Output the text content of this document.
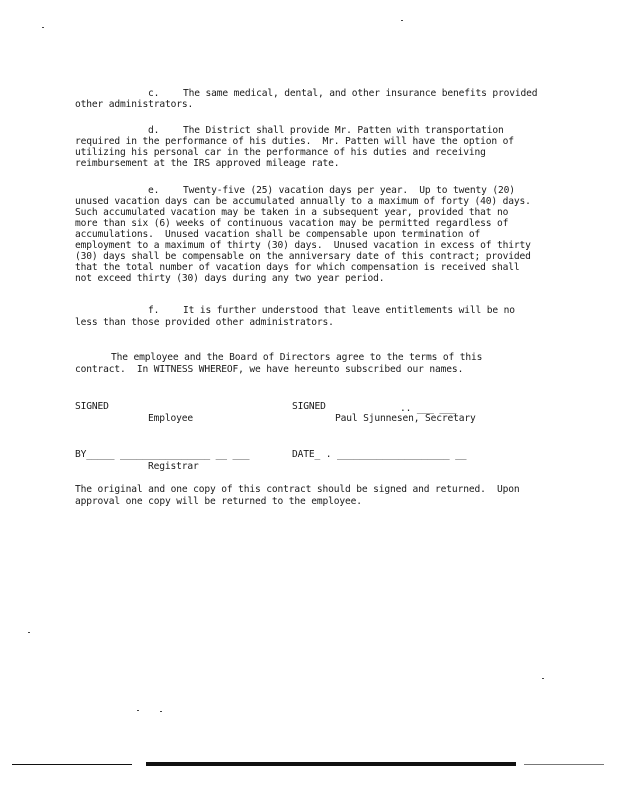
c. The same medical, dental, and other insurance benefits provided
other administrators.
d. The District shall provide Mr. Patten with transportation
required in the performance of his duties.  Mr. Patten will have the option of
utilizing his personal car in the performance of his duties and receiving
reimbursement at the IRS approved mileage rate.
e. Twenty-five (25) vacation days per year.  Up to twenty (20)
unused vacation days can be accumulated annually to a maximum of forty (40) days.
Such accumulated vacation may be taken in a subsequent year, provided that no
more than six (6) weeks of continuous vacation may be permitted regardless of
accumulations.  Unused vacation shall be compensable upon termination of
employment to a maximum of thirty (30) days.  Unused vacation in excess of thirty
(30) days shall be compensable on the anniversary date of this contract; provided
that the total number of vacation days for which compensation is received shall
not exceed thirty (30) days during any two year period.
f. It is further understood that leave entitlements will be no
less than those provided other administrators.
The employee and the Board of Directors agree to the terms of this
contract.  In WITNESS WHEREOF, we have hereunto subscribed our names.
SIGNED	SIGNED	.. ___ ___
Employee	Paul Sjunnesen, Secretary
BY_____ ________________ __ ___	DATE_ . ____________________ __
Registrar
The original and one copy of this contract should be signed and returned.  Upon
approval one copy will be returned to the employee.
